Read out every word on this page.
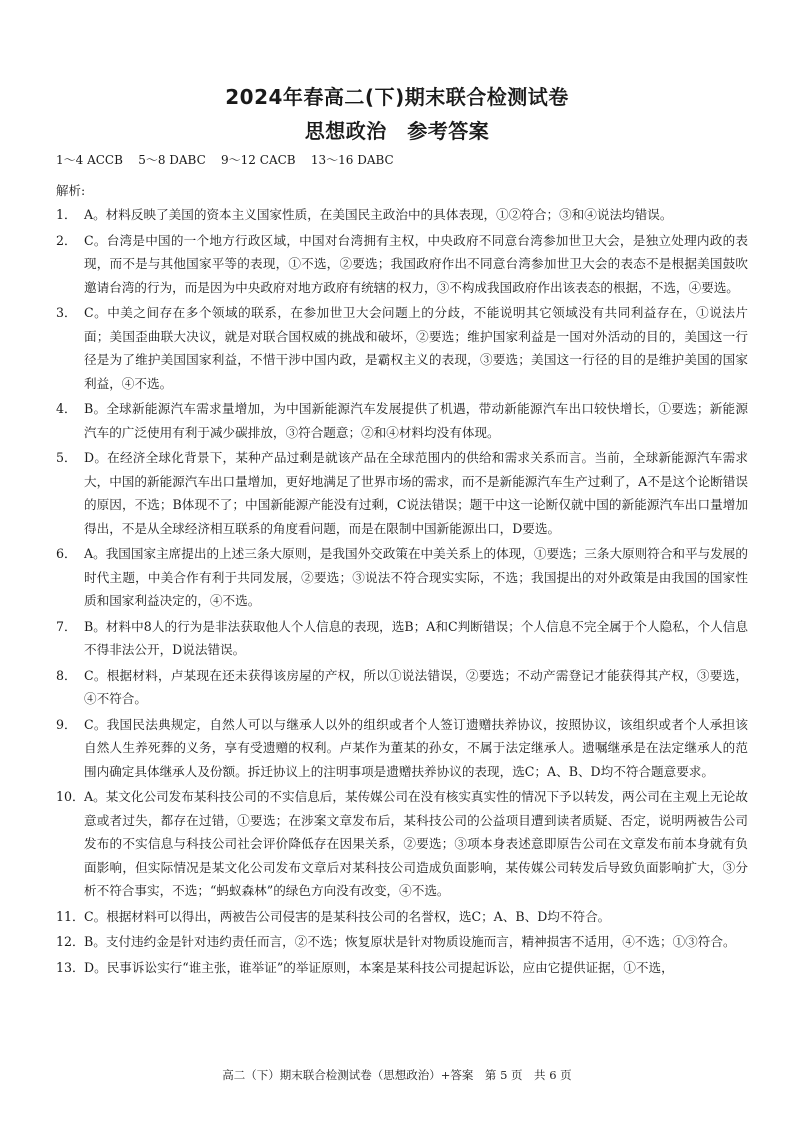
2024年春高二(下)期末联合检测试卷
思想政治　参考答案
1～4 ACCB    5～8 DABC    9～12 CACB    13～16 DABC
解析:
1． A。材料反映了美国的资本主义国家性质，在美国民主政治中的具体表现，①②符合；③和④说法均错误。
2． C。台湾是中国的一个地方行政区域，中国对台湾拥有主权，中央政府不同意台湾参加世卫大会，是独立处理内政的表现，而不是与其他国家平等的表现，①不选，②要选；我国政府作出不同意台湾参加世卫大会的表态不是根据美国鼓吹邀请台湾的行为，而是因为中央政府对地方政府有统辖的权力，③不构成我国政府作出该表态的根据，不选，④要选。
3． C。中美之间存在多个领域的联系，在参加世卫大会问题上的分歧，不能说明其它领域没有共同利益存在，①说法片面；美国歪曲联大决议，就是对联合国权威的挑战和破坏，②要选；维护国家利益是一国对外活动的目的，美国这一行径是为了维护美国国家利益，不惜干涉中国内政，是霸权主义的表现，③要选；美国这一行径的目的是维护美国的国家利益，④不选。
4． B。全球新能源汽车需求量增加，为中国新能源汽车发展提供了机遇，带动新能源汽车出口较快增长，①要选；新能源汽车的广泛使用有利于减少碳排放，③符合题意；②和④材料均没有体现。
5． D。在经济全球化背景下，某种产品过剩是就该产品在全球范围内的供给和需求关系而言。当前，全球新能源汽车需求大，中国的新能源汽车出口量增加，更好地满足了世界市场的需求，而不是新能源汽车生产过剩了，A不是这个论断错误的原因，不选；B体现不了；中国新能源产能没有过剩，C说法错误；题干中这一论断仅就中国的新能源汽车出口量增加得出，不是从全球经济相互联系的角度看问题，而是在限制中国新能源出口，D要选。
6． A。我国国家主席提出的上述三条大原则，是我国外交政策在中美关系上的体现，①要选；三条大原则符合和平与发展的时代主题，中美合作有利于共同发展，②要选；③说法不符合现实实际，不选；我国提出的对外政策是由我国的国家性质和国家利益决定的，④不选。
7． B。材料中8人的行为是非法获取他人个人信息的表现，选B；A和C判断错误；个人信息不完全属于个人隐私，个人信息不得非法公开，D说法错误。
8． C。根据材料，卢某现在还未获得该房屋的产权，所以①说法错误，②要选；不动产需登记才能获得其产权，③要选，④不符合。
9． C。我国民法典规定，自然人可以与继承人以外的组织或者个人签订遗赠扶养协议，按照协议，该组织或者个人承担该自然人生养死葬的义务，享有受遗赠的权利。卢某作为董某的孙女，不属于法定继承人。遗嘱继承是在法定继承人的范围内确定具体继承人及份额。拆迁协议上的注明事项是遗赠扶养协议的表现，选C；A、B、D均不符合题意要求。
10． A。某文化公司发布某科技公司的不实信息后，某传媒公司在没有核实真实性的情况下予以转发，两公司在主观上无论故意或者过失，都存在过错，①要选；在涉案文章发布后，某科技公司的公益项目遭到读者质疑、否定，说明两被告公司发布的不实信息与科技公司社会评价降低存在因果关系，②要选；③项本身表述意即原告公司在文章发布前本身就有负面影响，但实际情况是某文化公司发布文章后对某科技公司造成负面影响，某传媒公司转发后导致负面影响扩大，③分析不符合事实，不选；“蚂蚁森林”的绿色方向没有改变，④不选。
11． C。根据材料可以得出，两被告公司侵害的是某科技公司的名誉权，选C；A、B、D均不符合。
12． B。支付违约金是针对违约责任而言，②不选；恢复原状是针对物质设施而言，精神损害不适用，④不选；①③符合。
13． D。民事诉讼实行“谁主张，谁举证”的举证原则，本案是某科技公司提起诉讼，应由它提供证据，①不选，
高二（下）期末联合检测试卷（思想政治）+答案　第 5 页　共 6 页
